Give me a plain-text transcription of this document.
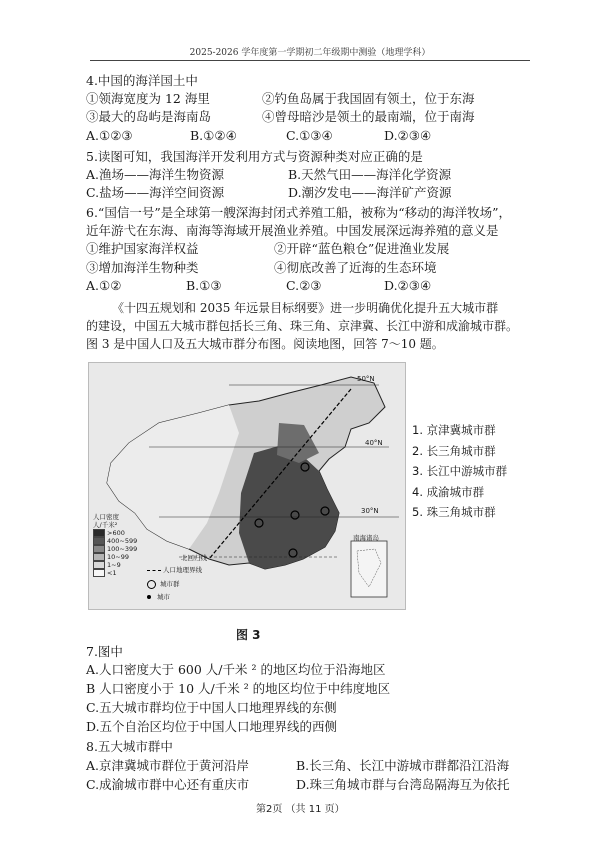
2025-2026 学年度第一学期初二年级期中测验（地理学科）
4.中国的海洋国土中
①领海宽度为 12 海里	②钓鱼岛属于我国固有领土，位于东海
③最大的岛屿是海南岛	④曾母暗沙是领土的最南端，位于南海
A.①②③	B.①②④	C.①③④	D.②③④
5.读图可知，我国海洋开发利用方式与资源种类对应正确的是
A.渔场——海洋生物资源	B.天然气田——海洋化学资源
C.盐场——海洋空间资源	D.潮汐发电——海洋矿产资源
6.“国信一号”是全球第一艘深海封闭式养殖工船，被称为“移动的海洋牧场”，
近年游弋在东海、南海等海域开展渔业养殖。中国发展深远海养殖的意义是
①维护国家海洋权益	②开辟“蓝色粮仓”促进渔业发展
③增加海洋生物种类	④彻底改善了近海的生态环境
A.①②	B.①③	C.②③	D.②③④
《十四五规划和 2035 年远景目标纲要》进一步明确优化提升五大城市群
的建设，中国五大城市群包括长三角、珠三角、京津冀、长江中游和成渝城市群。
图 3 是中国人口及五大城市群分布图。阅读地图，回答 7～10 题。
50°N
40°N
30°N
北回归线
南海诸岛
人口密度
人/千米²
>600
400~599
100~399
10~99
1~9
<1	人口地理界线
城市群
城市
1. 京津冀城市群
2. 长三角城市群
3. 长江中游城市群
4. 成渝城市群
5. 珠三角城市群
图 3
7.图中
A.人口密度大于 600 人/千米 ² 的地区均位于沿海地区
B 人口密度小于 10 人/千米 ² 的地区均位于中纬度地区
C.五大城市群均位于中国人口地理界线的东侧
D.五个自治区均位于中国人口地理界线的西侧
8.五大城市群中
A.京津冀城市群位于黄河沿岸	B.长三角、长江中游城市群都沿江沿海
C.成渝城市群中心还有重庆市	D.珠三角城市群与台湾岛隔海互为依托
第2页 （共 11 页）
